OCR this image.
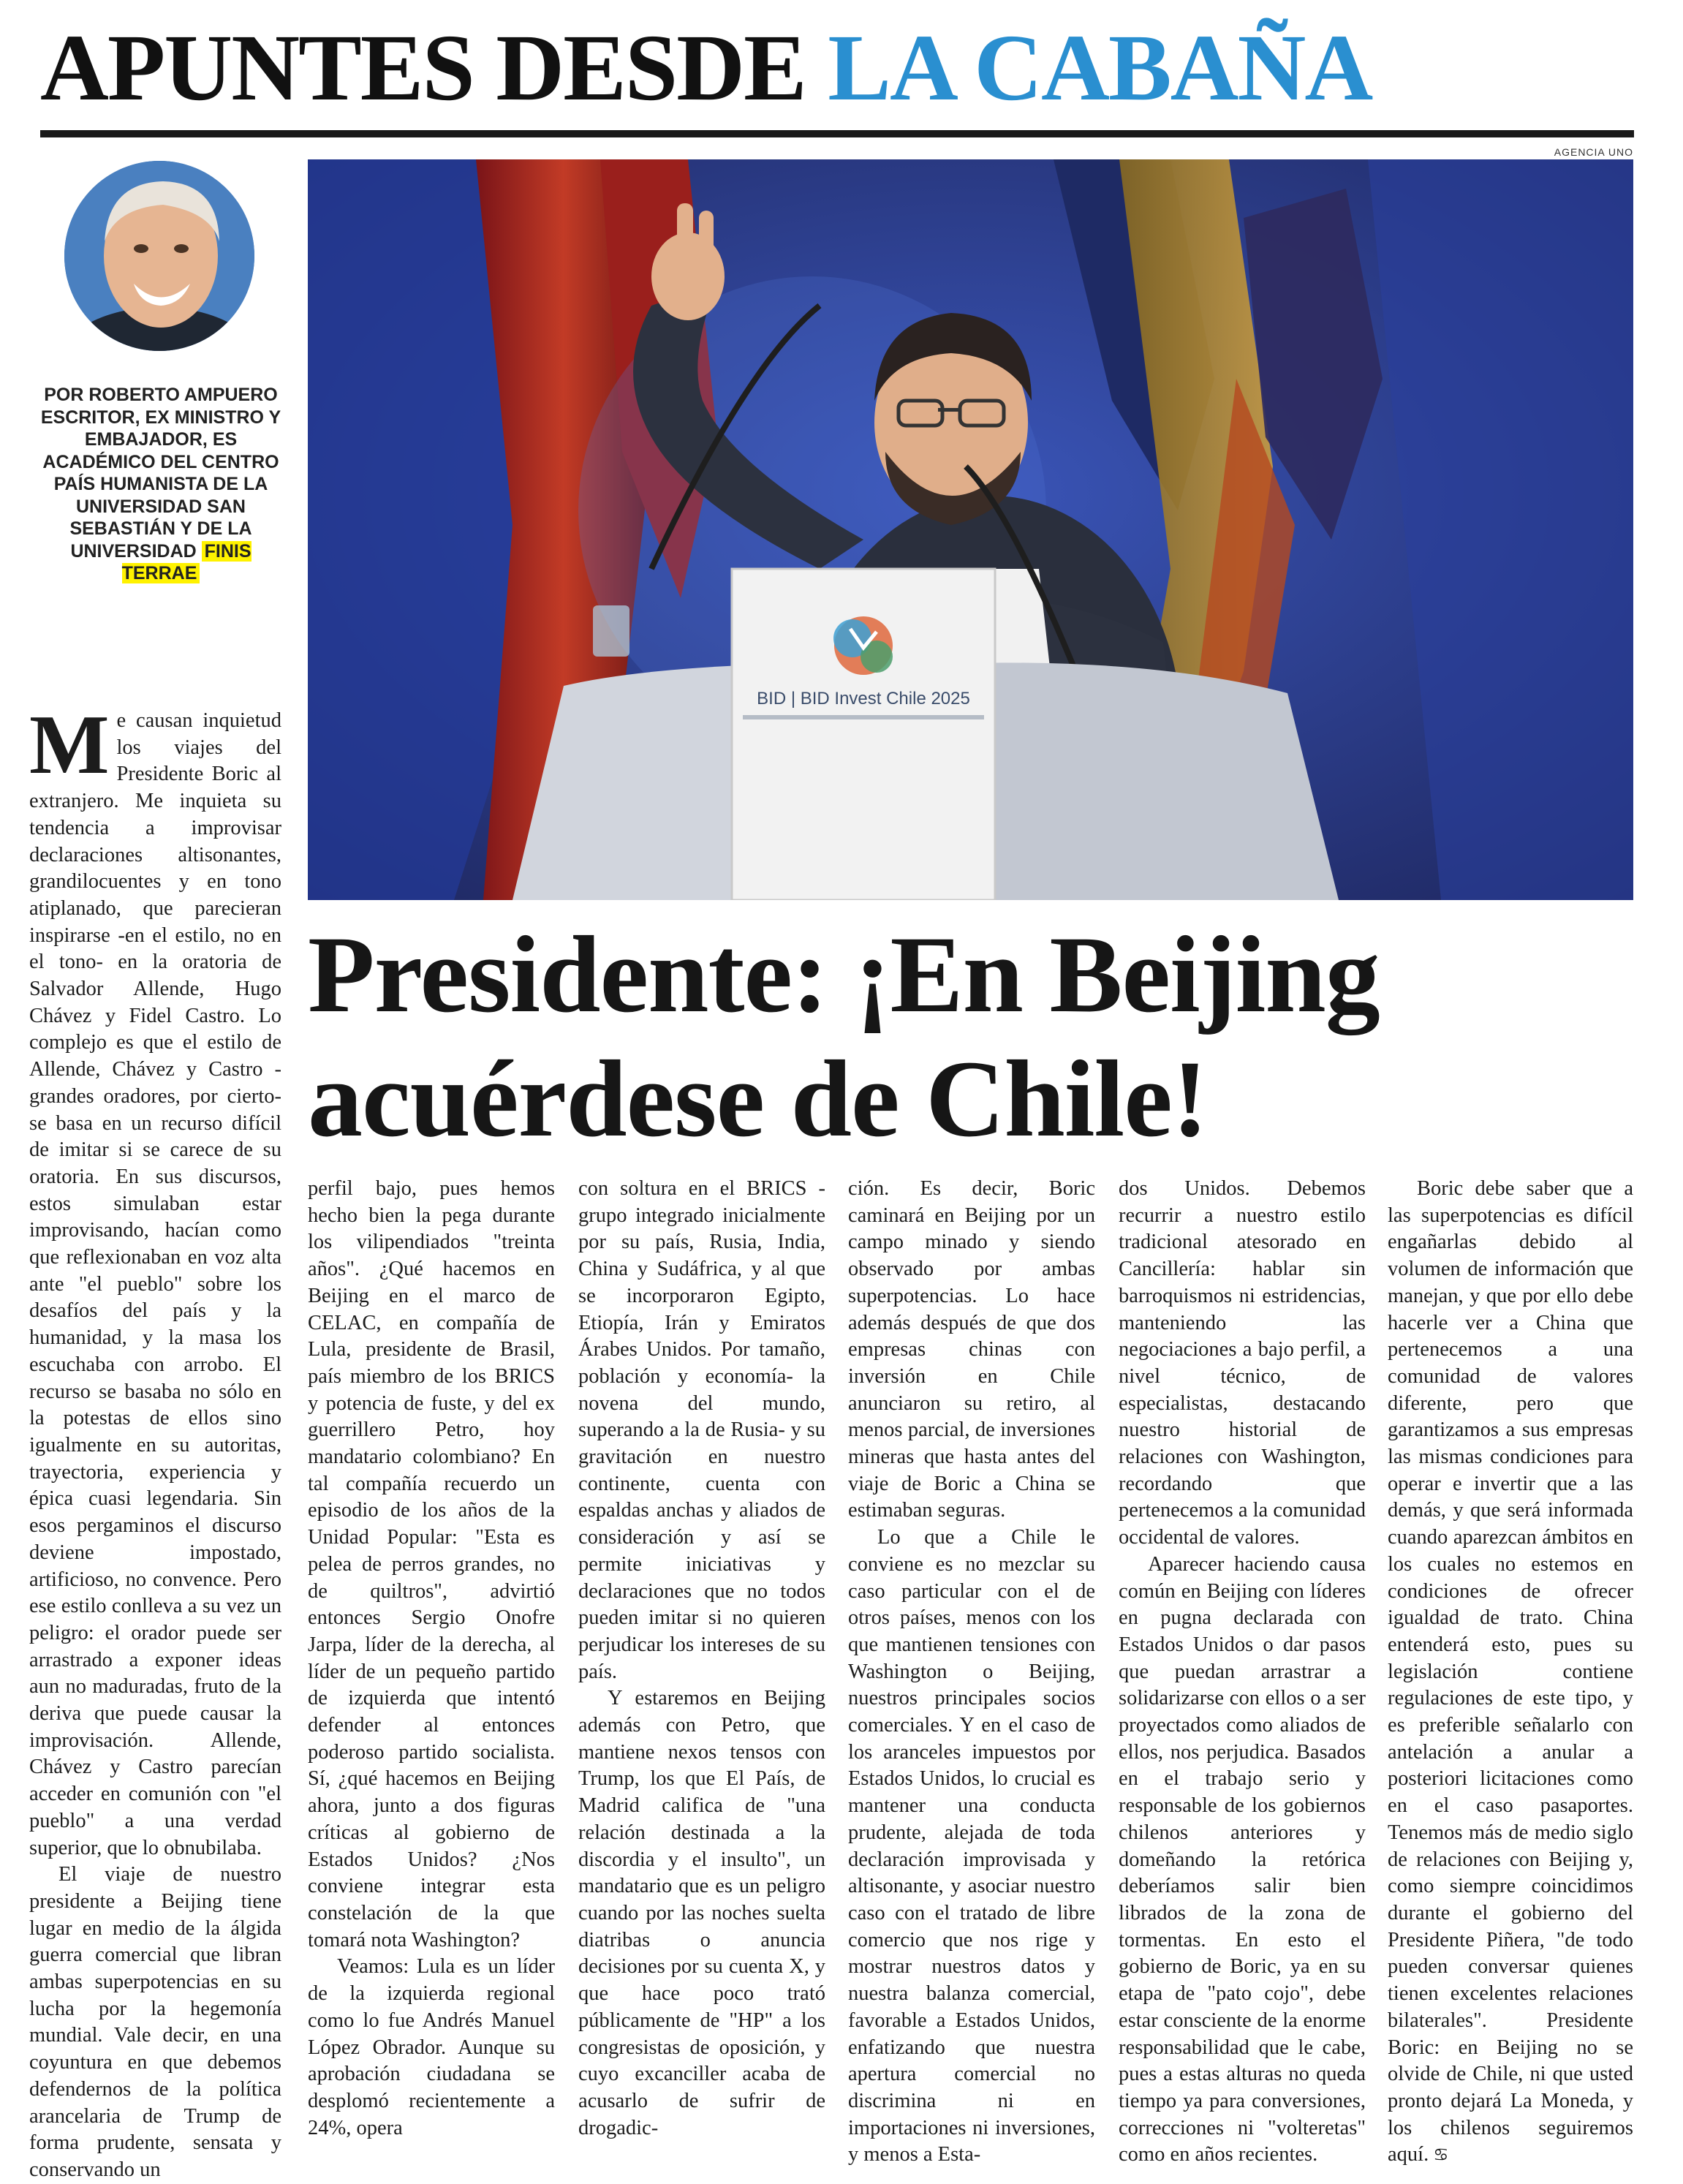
APUNTES DESDE LA CABAÑA
AGENCIA UNO
BID | BID Invest Chile 2025
POR ROBERTO AMPUERO ESCRITOR, EX MINISTRO Y EMBAJADOR, ES ACADÉMICO DEL CENTRO PAÍS HUMANISTA DE LA UNIVERSIDAD SAN SEBASTIÁN Y DE LA UNIVERSIDAD FINIS TERRAE
Presidente: ¡En Beijing
acuérdese de Chile!

Me causan inquietud los viajes del Presidente Boric al extranjero. Me inquieta su tendencia a improvisar declaraciones altisonantes, grandilocuentes y en tono atiplanado, que parecieran inspirarse -en el estilo, no en el tono- en la oratoria de Salvador Allende, Hugo Chávez y Fidel Castro. Lo complejo es que el estilo de Allende, Chávez y Castro -grandes oradores, por cierto- se basa en un recurso difícil de imitar si se carece de su oratoria. En sus discursos, estos simulaban estar improvisando, hacían como que reflexionaban en voz alta ante "el pueblo" sobre los desafíos del país y la humanidad, y la masa los escuchaba con arrobo. El recurso se basaba no sólo en la potestas de ellos sino igualmente en su autoritas, trayectoria, experiencia y épica cuasi legendaria. Sin esos pergaminos el discurso deviene impostado, artificioso, no convence. Pero ese estilo conlleva a su vez un peligro: el orador puede ser arrastrado a exponer ideas aun no maduradas, fruto de la deriva que puede causar la improvisación. Allende, Chávez y Castro parecían acceder en comunión con "el pueblo" a una verdad superior, que lo obnubilaba.

El viaje de nuestro presidente a Beijing tiene lugar en medio de la álgida guerra comercial que libran ambas superpotencias en su lucha por la hegemonía mundial. Vale decir, en una coyuntura en que debemos defendernos de la política arancelaria de Trump de forma prudente, sensata y conservando un

perfil bajo, pues hemos hecho bien la pega durante los vilipendiados "treinta años". ¿Qué hacemos en Beijing en el marco de CELAC, en compañía de Lula, presidente de Brasil, país miembro de los BRICS y potencia de fuste, y del ex guerrillero Petro, hoy mandatario colombiano? En tal compañía recuerdo un episodio de los años de la Unidad Popular: "Esta es pelea de perros grandes, no de quiltros", advirtió entonces Sergio Onofre Jarpa, líder de la derecha, al líder de un pequeño partido de izquierda que intentó defender al entonces poderoso partido socialista. Sí, ¿qué hacemos en Beijing ahora, junto a dos figuras críticas al gobierno de Estados Unidos? ¿Nos conviene integrar esta constelación de la que tomará nota Washington?

Veamos: Lula es un líder de la izquierda regional como lo fue Andrés Manuel López Obrador. Aunque su aprobación ciudadana se desplomó recientemente a 24%, opera

con soltura en el BRICS -grupo integrado inicialmente por su país, Rusia, India, China y Sudáfrica, y al que se incorporaron Egipto, Etiopía, Irán y Emiratos Árabes Unidos. Por tamaño, población y economía- la novena del mundo, superando a la de Rusia- y su gravitación en nuestro continente, cuenta con espaldas anchas y aliados de consideración y así se permite iniciativas y declaraciones que no todos pueden imitar si no quieren perjudicar los intereses de su país.

Y estaremos en Beijing además con Petro, que mantiene nexos tensos con Trump, los que El País, de Madrid califica de "una relación destinada a la discordia y el insulto", un mandatario que es un peligro cuando por las noches suelta diatribas o anuncia decisiones por su cuenta X, y que hace poco trató públicamente de "HP" a los congresistas de oposición, y cuyo excanciller acaba de acusarlo de sufrir de drogadic-

ción. Es decir, Boric caminará en Beijing por un campo minado y siendo observado por ambas superpotencias. Lo hace además después de que dos empresas chinas con inversión en Chile anunciaron su retiro, al menos parcial, de inversiones mineras que hasta antes del viaje de Boric a China se estimaban seguras.

Lo que a Chile le conviene es no mezclar su caso particular con el de otros países, menos con los que mantienen tensiones con Washington o Beijing, nuestros principales socios comerciales. Y en el caso de los aranceles impuestos por Estados Unidos, lo crucial es mantener una conducta prudente, alejada de toda declaración improvisada y altisonante, y asociar nuestro caso con el tratado de libre comercio que nos rige y mostrar nuestros datos y nuestra balanza comercial, favorable a Estados Unidos, enfatizando que nuestra apertura comercial no discrimina ni en importaciones ni inversiones, y menos a Esta-

dos Unidos. Debemos recurrir a nuestro estilo tradicional atesorado en Cancillería: hablar sin barroquismos ni estridencias, manteniendo las negociaciones a bajo perfil, a nivel técnico, de especialistas, destacando nuestro historial de relaciones con Washington, recordando que pertenecemos a la comunidad occidental de valores.

Aparecer haciendo causa común en Beijing con líderes en pugna declarada con Estados Unidos o dar pasos que puedan arrastrar a solidarizarse con ellos o a ser proyectados como aliados de ellos, nos perjudica. Basados en el trabajo serio y responsable de los gobiernos chilenos anteriores y domeñando la retórica deberíamos salir bien librados de la zona de tormentas. En esto el gobierno de Boric, ya en su etapa de "pato cojo", debe estar consciente de la enorme responsabilidad que le cabe, pues a estas alturas no queda tiempo ya para conversiones, correcciones ni "volteretas" como en años recientes.

Boric debe saber que a las superpotencias es difícil engañarlas debido al volumen de información que manejan, y que por ello debe hacerle ver a China que pertenecemos a una comunidad de valores diferente, pero que garantizamos a sus empresas las mismas condiciones para operar e invertir que a las demás, y que será informada cuando aparezcan ámbitos en los cuales no estemos en condiciones de ofrecer igualdad de trato. China entenderá esto, pues su legislación contiene regulaciones de este tipo, y es preferible señalarlo con antelación a anular a posteriori licitaciones como en el caso pasaportes. Tenemos más de medio siglo de relaciones con Beijing y, como siempre coincidimos durante el gobierno del Presidente Piñera, "de todo pueden conversar quienes tienen excelentes relaciones bilaterales". Presidente Boric: en Beijing no se olvide de Chile, ni que usted pronto dejará La Moneda, y los chilenos seguiremos aquí. ♋
